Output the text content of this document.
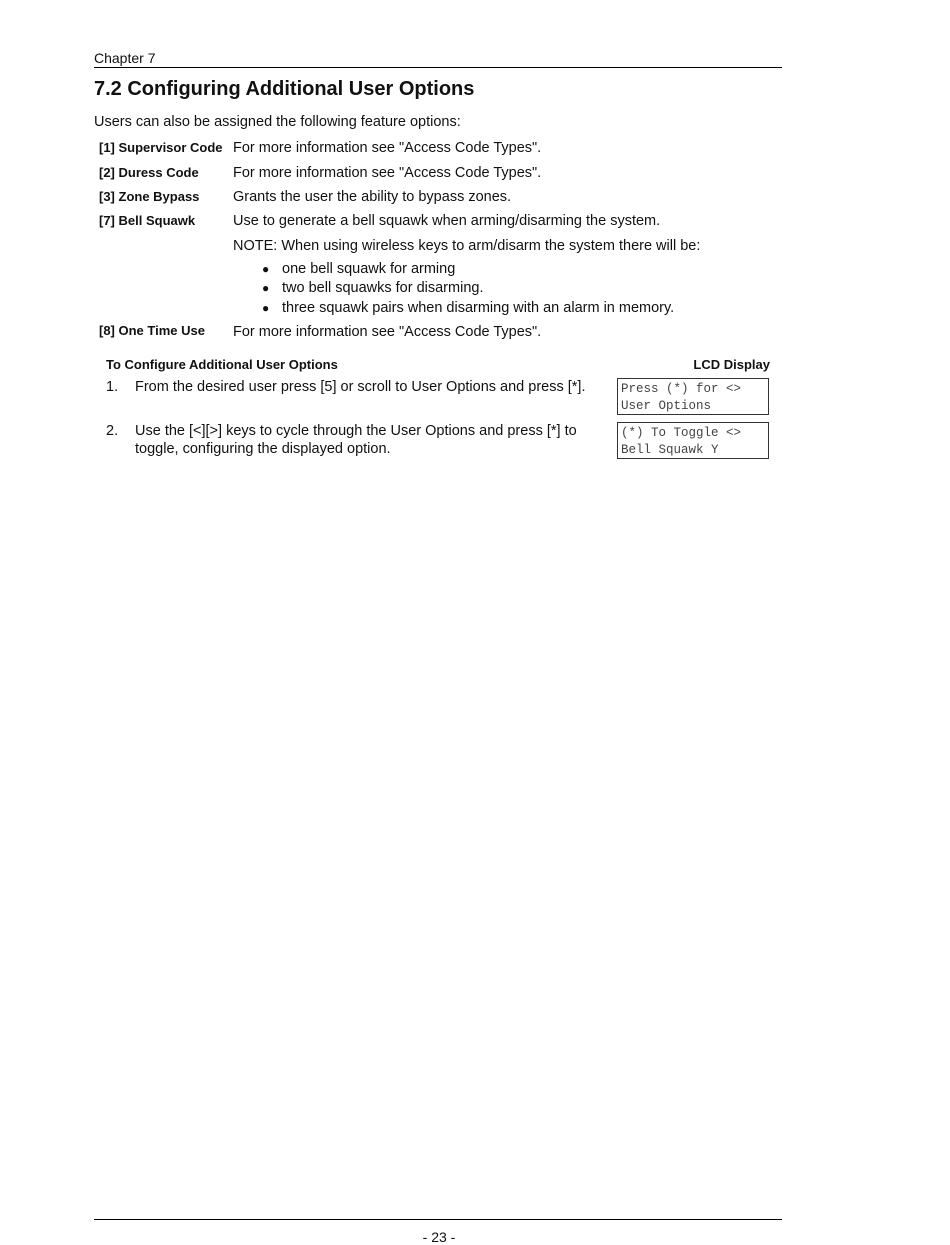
Chapter 7
7.2 Configuring Additional User Options
Users can also be assigned the following feature options:
[1] Supervisor Code For more information see "Access Code Types".
[2] Duress Code For more information see "Access Code Types".
[3] Zone Bypass Grants the user the ability to bypass zones.
[7] Bell Squawk	Use to generate a bell squawk when arming/disarming the system.
NOTE: When using wireless keys to arm/disarm the system there will be:
● one bell squawk for arming
● two bell squawks for disarming.
● three squawk pairs when disarming with an alarm in memory.
[8] One Time Use For more information see "Access Code Types".
To Configure Additional User Options	LCD Display
1.	From the desired user press [5] or scroll to User Options and press [*].	Press (*) for <>
User Options
2.	Use the [<][>] keys to cycle through the User Options and press [*] to toggle, configuring the displayed option.
(*) To Toggle <>
Bell Squawk Y
- 23 -
